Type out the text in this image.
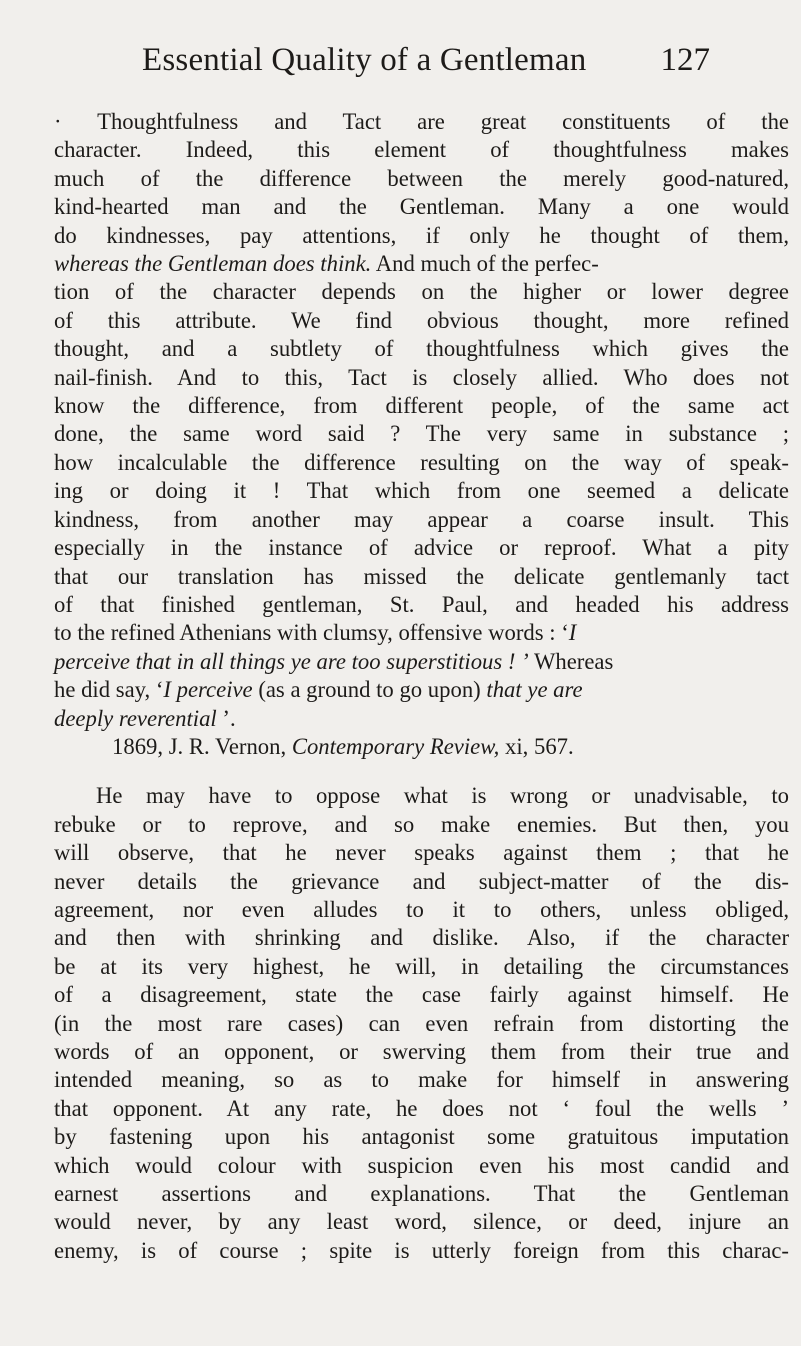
Essential Quality of a Gentleman 127
· Thoughtfulness and Tact are great constituents of the
character. Indeed, this element of thoughtfulness makes
much of the difference between the merely good-natured,
kind-hearted man and the Gentleman. Many a one would
do kindnesses, pay attentions, if only he thought of them,
whereas the Gentleman does think. And much of the perfec-
tion of the character depends on the higher or lower degree
of this attribute. We find obvious thought, more refined
thought, and a subtlety of thoughtfulness which gives the
nail-finish. And to this, Tact is closely allied. Who does not
know the difference, from different people, of the same act
done, the same word said ? The very same in substance ;
how incalculable the difference resulting on the way of speak-
ing or doing it ! That which from one seemed a delicate
kindness, from another may appear a coarse insult. This
especially in the instance of advice or reproof. What a pity
that our translation has missed the delicate gentlemanly tact
of that finished gentleman, St. Paul, and headed his address
to the refined Athenians with clumsy, offensive words : ‘I
perceive that in all things ye are too superstitious ! ’ Whereas
he did say, ‘I perceive (as a ground to go upon) that ye are
deeply reverential ’.
1869, J. R. Vernon, Contemporary Review, xi, 567.
He may have to oppose what is wrong or unadvisable, to
rebuke or to reprove, and so make enemies. But then, you
will observe, that he never speaks against them ; that he
never details the grievance and subject-matter of the dis-
agreement, nor even alludes to it to others, unless obliged,
and then with shrinking and dislike. Also, if the character
be at its very highest, he will, in detailing the circumstances
of a disagreement, state the case fairly against himself. He
(in the most rare cases) can even refrain from distorting the
words of an opponent, or swerving them from their true and
intended meaning, so as to make for himself in answering
that opponent. At any rate, he does not ‘ foul the wells ’
by fastening upon his antagonist some gratuitous imputation
which would colour with suspicion even his most candid and
earnest assertions and explanations. That the Gentleman
would never, by any least word, silence, or deed, injure an
enemy, is of course ; spite is utterly foreign from this charac-
